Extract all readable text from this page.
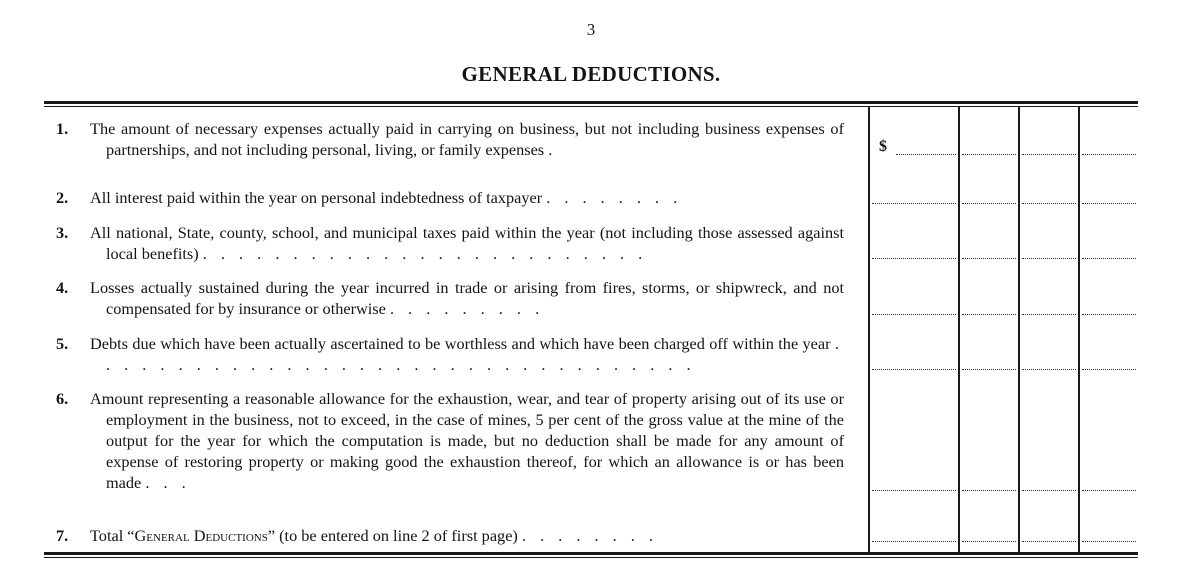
3
GENERAL DEDUCTIONS.
1. The amount of necessary expenses actually paid in carrying on business, but not including business expenses of partnerships, and not including personal, living, or family expenses .
2. All interest paid within the year on personal indebtedness of taxpayer . . . . . . . .
3. All national, State, county, school, and municipal taxes paid within the year (not including those assessed against local benefits) . . . . . . . . . . . . . . . . . . . . . . . . .
4. Losses actually sustained during the year incurred in trade or arising from fires, storms, or shipwreck, and not compensated for by insurance or otherwise . . . . . . . . .
5. Debts due which have been actually ascertained to be worthless and which have been charged off within the year . . . . . . . . . . . . . . . . . . . . . . . . . . . . . . . . . .
6. Amount representing a reasonable allowance for the exhaustion, wear, and tear of property arising out of its use or employment in the business, not to exceed, in the case of mines, 5 per cent of the gross value at the mine of the output for the year for which the computation is made, but no deduction shall be made for any amount of expense of restoring property or making good the exhaustion thereof, for which an allowance is or has been made . . .
7. Total “General Deductions” (to be entered on line 2 of first page) . . . . . . . .
$
